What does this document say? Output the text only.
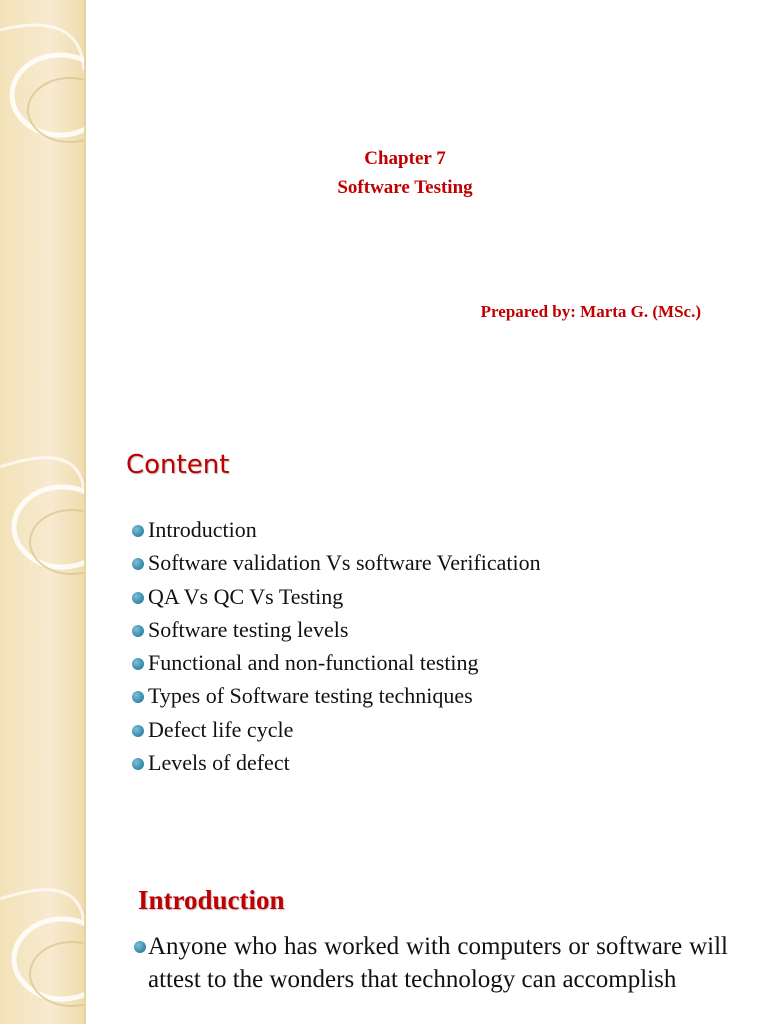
Chapter 7
Software Testing
Prepared by: Marta G. (MSc.)
Content
Introduction
Software validation Vs software Verification
QA Vs QC Vs Testing
Software testing levels
Functional and non-functional testing
Types of Software testing techniques
Defect life cycle
Levels of defect
Introduction
Anyone who has worked with computers or software will attest to the wonders that technology can accomplish
